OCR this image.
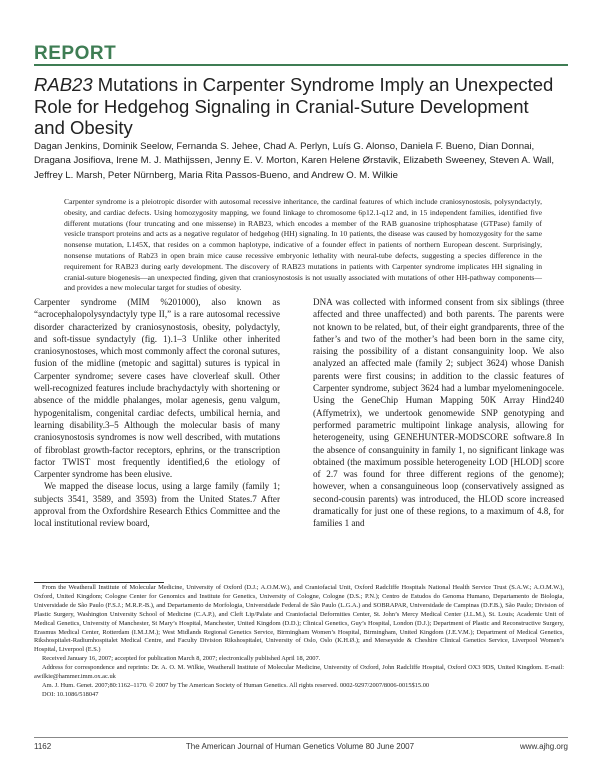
REPORT
RAB23 Mutations in Carpenter Syndrome Imply an Unexpected Role for Hedgehog Signaling in Cranial-Suture Development and Obesity
Dagan Jenkins, Dominik Seelow, Fernanda S. Jehee, Chad A. Perlyn, Luís G. Alonso, Daniela F. Bueno, Dian Donnai, Dragana Josifiova, Irene M. J. Mathijssen, Jenny E. V. Morton, Karen Helene Ørstavik, Elizabeth Sweeney, Steven A. Wall, Jeffrey L. Marsh, Peter Nürnberg, Maria Rita Passos-Bueno, and Andrew O. M. Wilkie
Carpenter syndrome is a pleiotropic disorder with autosomal recessive inheritance, the cardinal features of which include craniosynostosis, polysyndactyly, obesity, and cardiac defects. Using homozygosity mapping, we found linkage to chromosome 6p12.1-q12 and, in 15 independent families, identified five different mutations (four truncating and one missense) in RAB23, which encodes a member of the RAB guanosine triphosphatase (GTPase) family of vesicle transport proteins and acts as a negative regulator of hedgehog (HH) signaling. In 10 patients, the disease was caused by homozygosity for the same nonsense mutation, L145X, that resides on a common haplotype, indicative of a founder effect in patients of northern European descent. Surprisingly, nonsense mutations of Rab23 in open brain mice cause recessive embryonic lethality with neural-tube defects, suggesting a species difference in the requirement for RAB23 during early development. The discovery of RAB23 mutations in patients with Carpenter syndrome implicates HH signaling in cranial-suture biogenesis—an unexpected finding, given that craniosynostosis is not usually associated with mutations of other HH-pathway components—and provides a new molecular target for studies of obesity.

Carpenter syndrome (MIM %201000), also known as “acrocephalopolysyndactyly type II,” is a rare autosomal recessive disorder characterized by craniosynostosis, obesity, polydactyly, and soft-tissue syndactyly (fig. 1).1–3 Unlike other inherited craniosynostoses, which most commonly affect the coronal sutures, fusion of the midline (metopic and sagittal) sutures is typical in Carpenter syndrome; severe cases have cloverleaf skull. Other well-recognized features include brachydactyly with shortening or absence of the middle phalanges, molar agenesis, genu valgum, hypogenitalism, congenital cardiac defects, umbilical hernia, and learning disability.3–5 Although the molecular basis of many craniosynostosis syndromes is now well described, with mutations of fibroblast growth-factor receptors, ephrins, or the transcription factor TWIST most frequently identified,6 the etiology of Carpenter syndrome has been elusive.

We mapped the disease locus, using a large family (family 1; subjects 3541, 3589, and 3593) from the United States.7 After approval from the Oxfordshire Research Ethics Committee and the local institutional review board,

DNA was collected with informed consent from six siblings (three affected and three unaffected) and both parents. The parents were not known to be related, but, of their eight grandparents, three of the father’s and two of the mother’s had been born in the same city, raising the possibility of a distant consanguinity loop. We also analyzed an affected male (family 2; subject 3624) whose Danish parents were first cousins; in addition to the classic features of Carpenter syndrome, subject 3624 had a lumbar myelomeningocele. Using the GeneChip Human Mapping 50K Array Hind240 (Affymetrix), we undertook genomewide SNP genotyping and performed parametric multipoint linkage analysis, allowing for heterogeneity, using GENEHUNTER-MODSCORE software.8 In the absence of consanguinity in family 1, no significant linkage was obtained (the maximum possible heterogeneity LOD [HLOD] score of 2.7 was found for three different regions of the genome); however, when a consanguineous loop (conservatively assigned as second-cousin parents) was introduced, the HLOD score increased dramatically for just one of these regions, to a maximum of 4.8, for families 1 and

From the Weatherall Institute of Molecular Medicine, University of Oxford (D.J.; A.O.M.W.), and Craniofacial Unit, Oxford Radcliffe Hospitals National Health Service Trust (S.A.W.; A.O.M.W.), Oxford, United Kingdom; Cologne Center for Genomics and Institute for Genetics, University of Cologne, Cologne (D.S.; P.N.); Centro de Estudos do Genoma Humano, Departamento de Biologia, Universidade de São Paulo (F.S.J.; M.R.P.-B.), and Departamento de Morfologia, Universidade Federal de São Paulo (L.G.A.) and SOBRAPAR, Universidade de Campinas (D.F.B.), São Paulo; Division of Plastic Surgery, Washington University School of Medicine (C.A.P.), and Cleft Lip/Palate and Craniofacial Deformities Center, St. John’s Mercy Medical Center (J.L.M.), St. Louis; Academic Unit of Medical Genetics, University of Manchester, St Mary’s Hospital, Manchester, United Kingdom (D.D.); Clinical Genetics, Guy’s Hospital, London (D.J.); Department of Plastic and Reconstructive Surgery, Erasmus Medical Center, Rotterdam (I.M.J.M.); West Midlands Regional Genetics Service, Birmingham Women’s Hospital, Birmingham, United Kingdom (J.E.V.M.); Department of Medical Genetics, Rikshospitalet-Radiumhospitalet Medical Centre, and Faculty Division Rikshospitalet, University of Oslo, Oslo (K.H.Ø.); and Merseyside & Cheshire Clinical Genetics Service, Liverpool Women’s Hospital, Liverpool (E.S.)

Received January 16, 2007; accepted for publication March 8, 2007; electronically published April 18, 2007.

Address for correspondence and reprints: Dr. A. O. M. Wilkie, Weatherall Institute of Molecular Medicine, University of Oxford, John Radcliffe Hospital, Oxford OX3 9DS, United Kingdom. E-mail: awilkie@hammer.imm.ox.ac.uk

Am. J. Hum. Genet. 2007;80:1162–1170. © 2007 by The American Society of Human Genetics. All rights reserved. 0002-9297/2007/8006-0015$15.00

DOI: 10.1086/518047

1162	The American Journal of Human Genetics Volume 80 June 2007	www.ajhg.org
